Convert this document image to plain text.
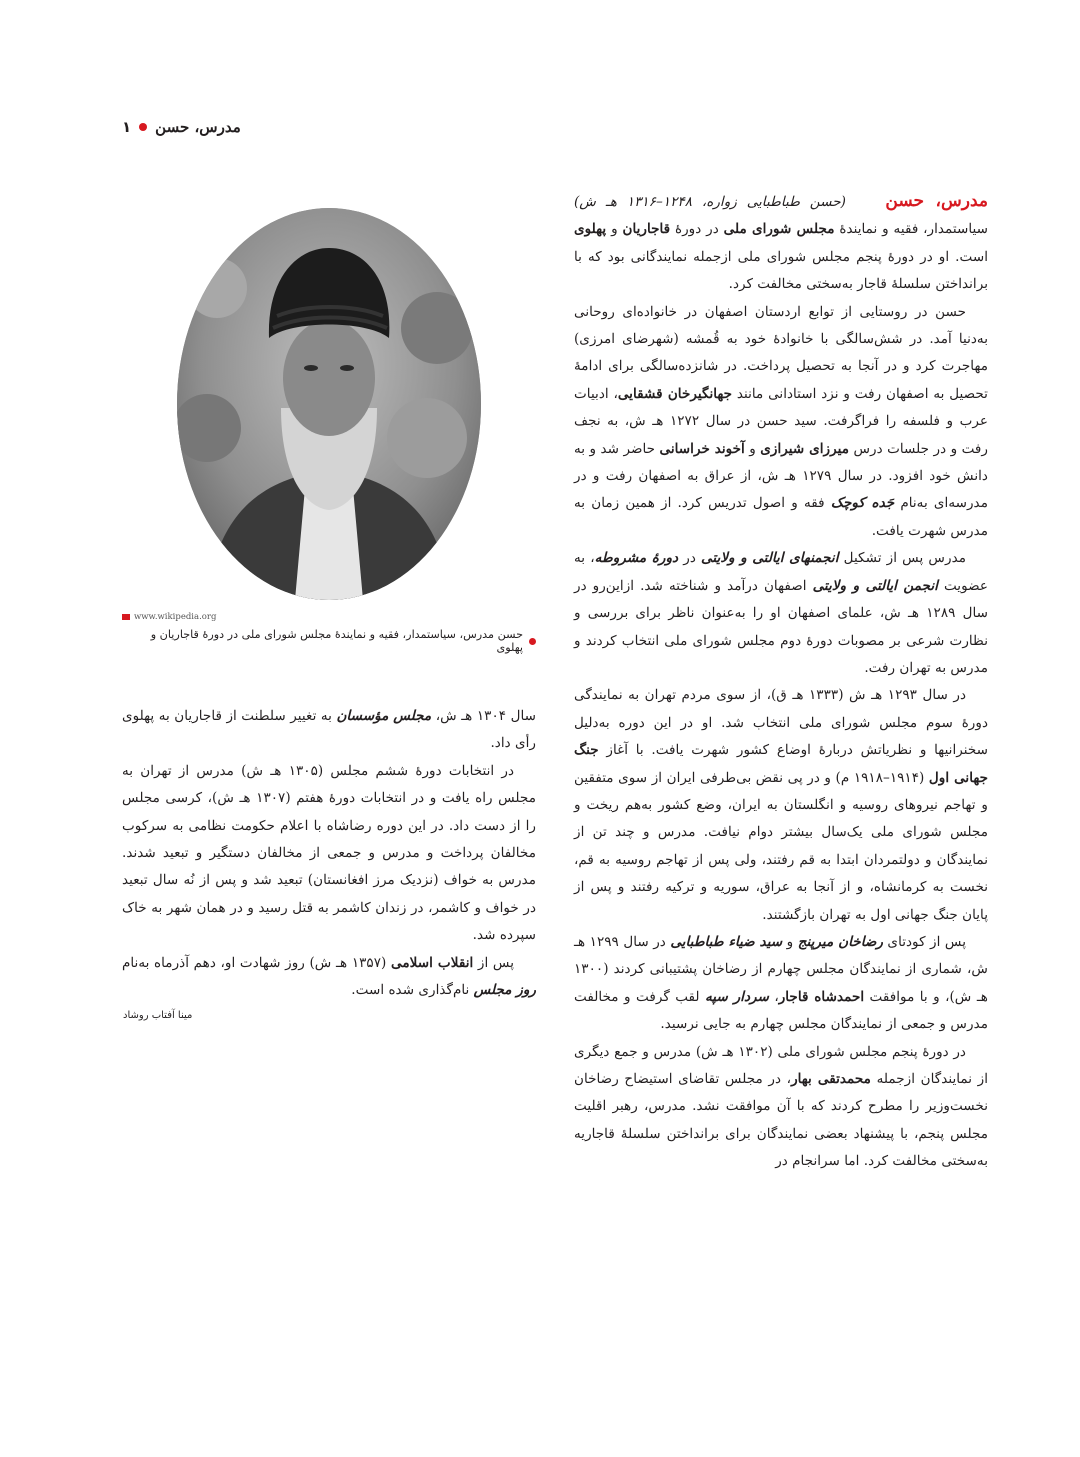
مدرس، حسن
۱
www.wikipedia.org
حسن مدرس، سیاستمدار، فقیه و نمایندهٔ مجلس شورای ملی در دورهٔ قاجاریان و پهلوی

مدرس، حسن    (حسن طباطبایی زواره، ۱۲۴۸–۱۳۱۶ هـ ش) سیاستمدار، فقیه و نمایندهٔ مجلس شورای ملی در دورهٔ قاجاریان و پهلوی است. او در دورهٔ پنجم مجلس شورای ملی ازجمله نمایندگانی بود که با برانداختن سلسلهٔ قاجار به‌سختی مخالفت کرد.

حسن در روستایی از توابع اردستان اصفهان در خانواده‌ای روحانی به‌دنیا آمد. در شش‌سالگی با خانوادهٔ خود به قُمشه (شهرضای امرزی) مهاجرت کرد و در آنجا به تحصیل پرداخت. در شانزده‌سالگی برای ادامهٔ تحصیل به اصفهان رفت و نزد استادانی مانند جهانگیرخان قشقایی، ادبیات عرب و فلسفه را فراگرفت. سید حسن در سال ۱۲۷۲ هـ ش، به نجف رفت و در جلسات درس میرزای شیرازی و آخوند خراسانی حاضر شد و به دانش خود افزود. در سال ۱۲۷۹ هـ ش، از عراق به اصفهان رفت و در مدرسه‌ای به‌نام جَده کوچک فقه و اصول تدریس کرد. از همین زمان به مدرس شهرت یافت.

مدرس پس از تشکیل انجمنهای ایالتی و ولایتی در دورهٔ مشروطه، به عضویت انجمن ایالتی و ولایتی اصفهان درآمد و شناخته شد. ازاین‌رو در سال ۱۲۸۹ هـ ش، علمای اصفهان او را به‌عنوان ناظر برای بررسی و نظارت شرعی بر مصوبات دورهٔ دوم مجلس شورای ملی انتخاب کردند و مدرس به تهران رفت.

در سال ۱۲۹۳ هـ ش (۱۳۳۳ هـ ق)، از سوی مردم تهران به نمایندگی دورهٔ سوم مجلس شورای ملی انتخاب شد. او در این دوره به‌دلیل سخنرانیها و نظریاتش دربارهٔ اوضاع کشور شهرت یافت. با آغاز جنگ جهانی اول (۱۹۱۴–۱۹۱۸ م) و در پی نقض بی‌طرفی ایران از سوی متفقین و تهاجم نیروهای روسیه و انگلستان به ایران، وضع کشور به‌هم ریخت و مجلس شورای ملی یک‌سال بیشتر دوام نیافت. مدرس و چند تن از نمایندگان و دولتمردان ابتدا به قم رفتند، ولی پس از تهاجم روسیه به قم، نخست به کرمانشاه، و از آنجا به عراق، سوریه و ترکیه رفتند و پس از پایان جنگ جهانی اول به تهران بازگشتند.

پس از کودتای رضاخان میرپنج و سید ضیاء طباطبایی در سال ۱۲۹۹ هـ ش، شماری از نمایندگان مجلس چهارم از رضاخان پشتیبانی کردند (۱۳۰۰ هـ ش)، و با موافقت احمدشاه قاجار، سردار سپه لقب گرفت و مخالفت مدرس و جمعی از نمایندگان مجلس چهارم به جایی نرسید.

در دورهٔ پنجم مجلس شورای ملی (۱۳۰۲ هـ ش) مدرس و جمع دیگری از نمایندگان ازجمله محمدتقی بهار، در مجلس تقاضای استیضاح رضاخان نخست‌وزیر را مطرح کردند که با آن موافقت نشد. مدرس، رهبر اقلیت مجلس پنجم، با پیشنهاد بعضی نمایندگان برای برانداختن سلسلهٔ قاجاریه به‌سختی مخالفت کرد. اما سرانجام در

سال ۱۳۰۴ هـ ش، مجلس مؤسسان به تغییر سلطنت از قاجاریان به پهلوی رأی داد.

در انتخابات دورهٔ ششم مجلس (۱۳۰۵ هـ ش) مدرس از تهران به مجلس راه یافت و در انتخابات دورهٔ هفتم (۱۳۰۷ هـ ش)، کرسی مجلس را از دست داد. در این دوره رضاشاه با اعلام حکومت نظامی به سرکوب مخالفان پرداخت و مدرس و جمعی از مخالفان دستگیر و تبعید شدند. مدرس به خواف (نزدیک مرز افغانستان) تبعید شد و پس از نُه سال تبعید در خواف و کاشمر، در زندان کاشمر به قتل رسید و در همان شهر به خاک سپرده شد.

پس از انقلاب اسلامی (۱۳۵۷ هـ ش) روز شهادت او، دهم آذرماه به‌نام روز مجلس نام‌گذاری شده است.

مینا آفتاب روشاد
